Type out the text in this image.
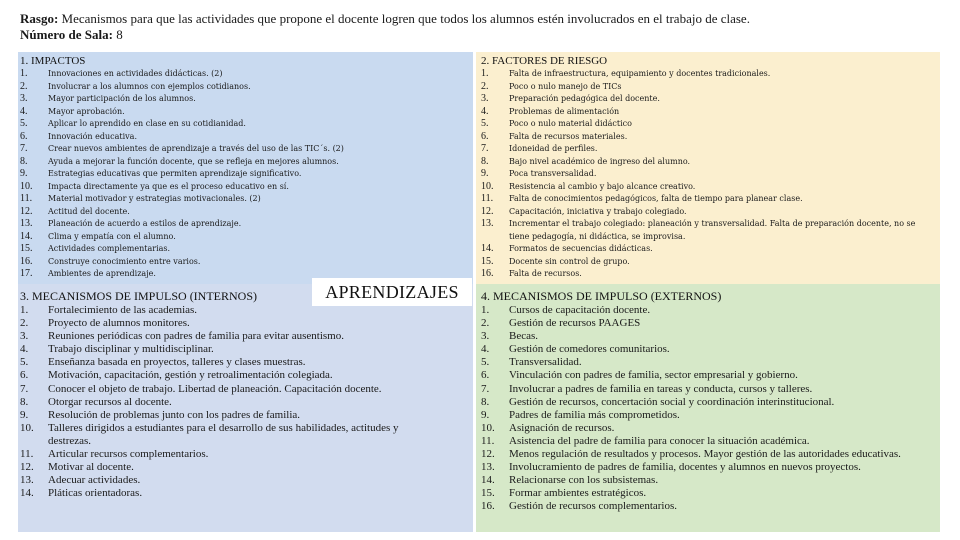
Rasgo: Mecanismos para que las actividades que propone el docente logren que todos los alumnos estén involucrados en el trabajo de clase.
Número de Sala: 8
1. IMPACTOS
1.	Innovaciones en actividades didácticas. (2)
2.	Involucrar a los alumnos con ejemplos cotidianos.
3.	Mayor participación de los alumnos.
4.	Mayor aprobación.
5.	Aplicar lo aprendido en clase en su cotidianidad.
6.	Innovación educativa.
7.	Crear nuevos ambientes de aprendizaje a través del uso de las TIC´s. (2)
8.	Ayuda a mejorar la función docente, que se refleja en mejores alumnos.
9.	Estrategias educativas que permiten aprendizaje significativo.
10.	Impacta directamente ya que es el proceso educativo en sí.
11.	Material motivador y estrategias motivacionales. (2)
12.	Actitud del docente.
13.	Planeación de acuerdo a estilos de aprendizaje.
14.	Clima y empatía con el alumno.
15.	Actividades complementarias.
16.	Construye conocimiento entre varios.
17.	Ambientes de aprendizaje.
2. FACTORES DE RIESGO
1.	Falta de infraestructura, equipamiento y docentes tradicionales.
2.	Poco o nulo manejo de TICs
3.	Preparación pedagógica del docente.
4.	Problemas de alimentación
5.	Poco o nulo material didáctico
6.	Falta de recursos materiales.
7.	Idoneidad de perfiles.
8.	Bajo nivel académico de ingreso del alumno.
9.	Poca transversalidad.
10.	Resistencia al cambio y bajo alcance creativo.
11.	Falta de conocimientos pedagógicos, falta de tiempo para planear clase.
12.	Capacitación, iniciativa y trabajo colegiado.
13.	Incrementar el trabajo colegiado: planeación y transversalidad. Falta de preparación docente, no se tiene pedagogía, ni didáctica, se improvisa.
14.	Formatos de secuencias didácticas.
15.	Docente sin control de grupo.
16.	Falta de recursos.
3. MECANISMOS DE IMPULSO (INTERNOS)
1.	Fortalecimiento de las academias.
2.	Proyecto de alumnos monitores.
3.	Reuniones periódicas con padres de familia para evitar ausentismo.
4.	Trabajo disciplinar y multidisciplinar.
5.	Enseñanza basada en proyectos, talleres y clases muestras.
6.	Motivación, capacitación, gestión y retroalimentación colegiada.
7.	Conocer el objeto de trabajo. Libertad de planeación. Capacitación docente.
8.	Otorgar recursos al docente.
9.	Resolución de problemas junto con los padres de familia.
10.	Talleres dirigidos a estudiantes para el desarrollo de sus habilidades, actitudes y destrezas.
11.	Articular recursos complementarios.
12.	Motivar al docente.
13.	Adecuar actividades.
14.	Pláticas orientadoras.
4. MECANISMOS DE IMPULSO (EXTERNOS)
1.	Cursos de capacitación docente.
2.	Gestión de recursos PAAGES
3.	Becas.
4.	Gestión de comedores comunitarios.
5.	Transversalidad.
6.	Vinculación con padres de familia, sector empresarial y gobierno.
7.	Involucrar a padres de familia en tareas y conducta, cursos y talleres.
8.	Gestión de recursos, concertación social y coordinación interinstitucional.
9.	Padres de familia más comprometidos.
10.	Asignación de recursos.
11.	Asistencia del padre de familia para conocer la situación académica.
12.	Menos regulación de resultados y procesos. Mayor gestión de las autoridades educativas.
13.	Involucramiento de padres de familia, docentes y alumnos en nuevos proyectos.
14.	Relacionarse con los subsistemas.
15.	Formar ambientes estratégicos.
16.	Gestión de recursos complementarios.
APRENDIZAJES
